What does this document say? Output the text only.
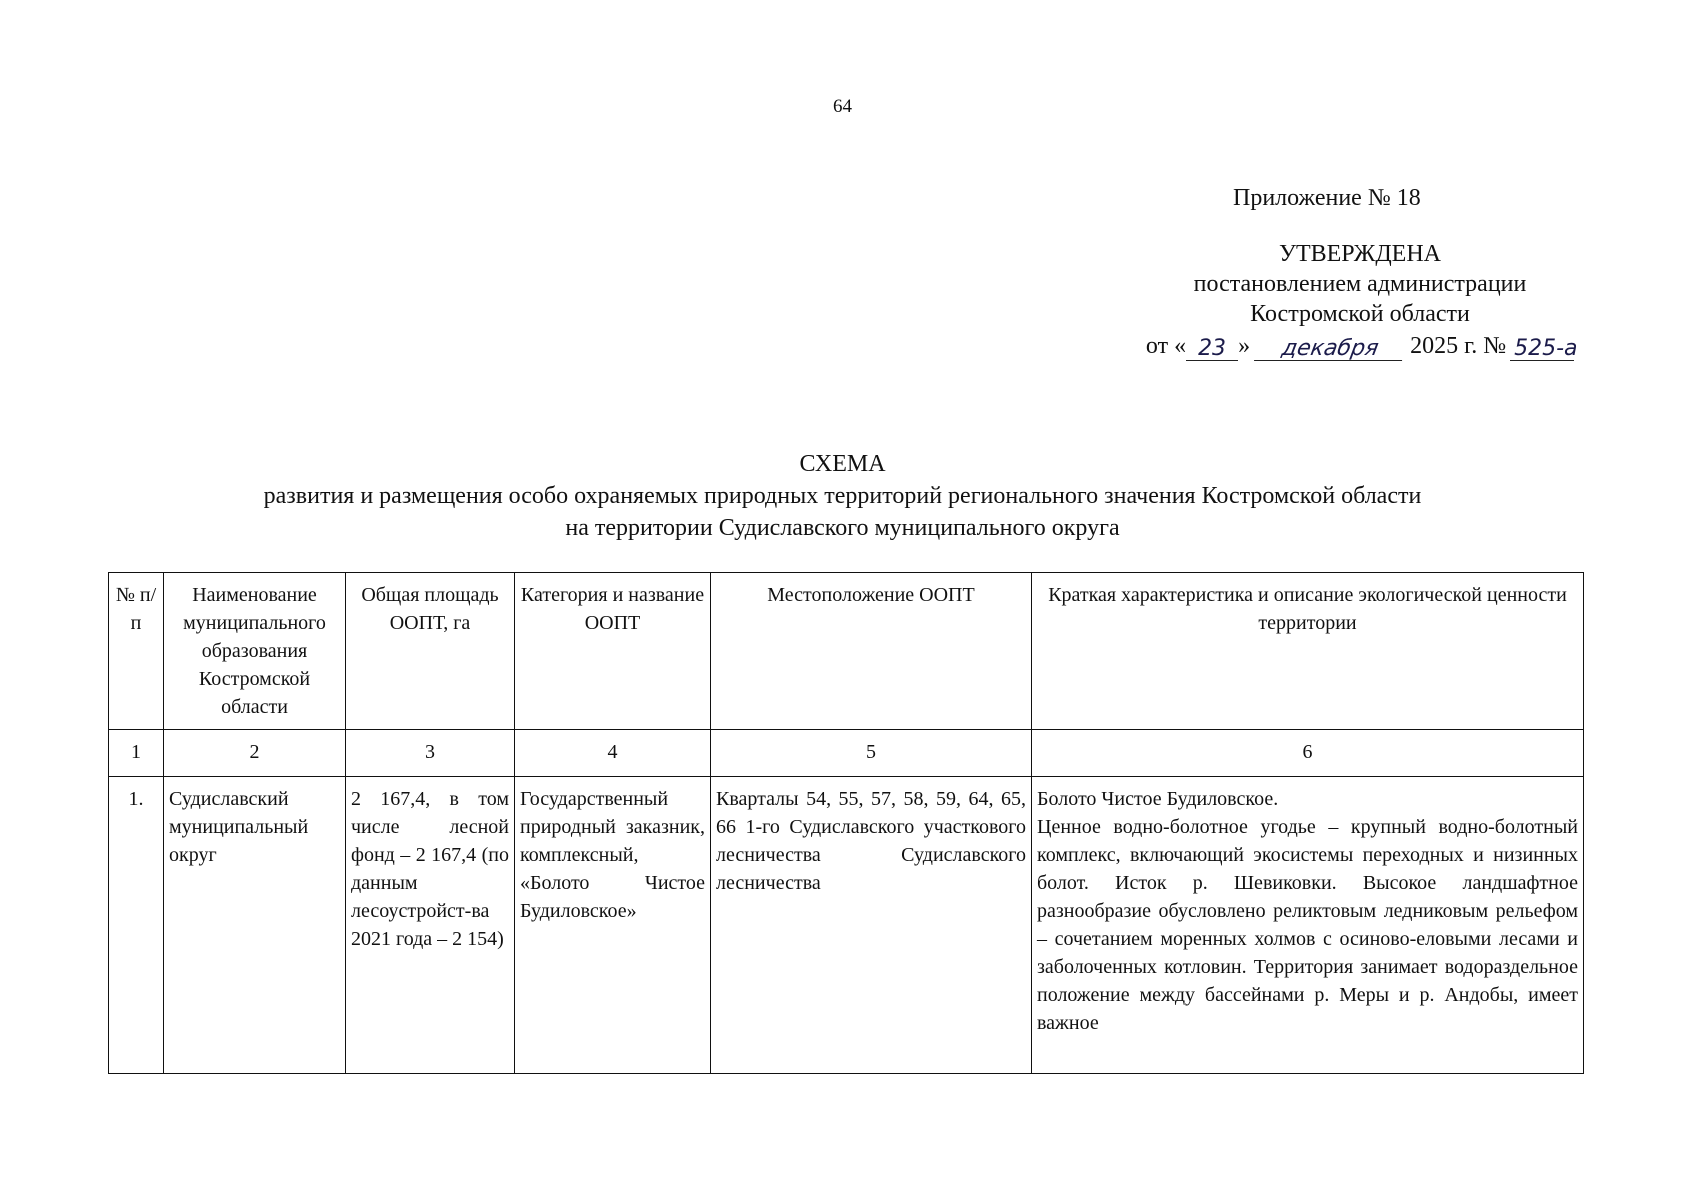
64
Приложение № 18
УТВЕРЖДЕНА
постановлением администрации
Костромской области
от « 23 »	декабря	2025 г. № 525-а
СХЕМА
развития и размещения особо охраняемых природных территорий регионального значения Костромской области
на территории Судиславского муниципального округа
№ п/п	Наименование муниципального образования Костромской области	Общая площадь ООПТ, га	Категория и название ООПТ	Местоположение ООПТ	Краткая характеристика и описание экологической ценности территории
1	2	3	4	5	6
1.	Судиславский муниципальный округ	2 167,4, в том числе лесной фонд – 2 167,4 (по данным лесоустройст-ва 2021 года – 2 154)	Государственный природный заказник, комплексный, «Болото Чистое Будиловское»	Кварталы 54, 55, 57, 58, 59, 64, 65, 66 1-го Судиславского участкового лесничества Судиславского лесничества	Болото Чистое Будиловское.
Ценное водно-болотное угодье – крупный водно-болотный комплекс, включающий экосистемы переходных и низинных болот. Исток р. Шевиковки. Высокое ландшафтное разнообразие обусловлено реликтовым ледниковым рельефом – сочетанием моренных холмов с осиново-еловыми лесами и заболоченных котловин. Территория занимает водораздельное положение между бассейнами р. Меры и р. Андобы, имеет важное
